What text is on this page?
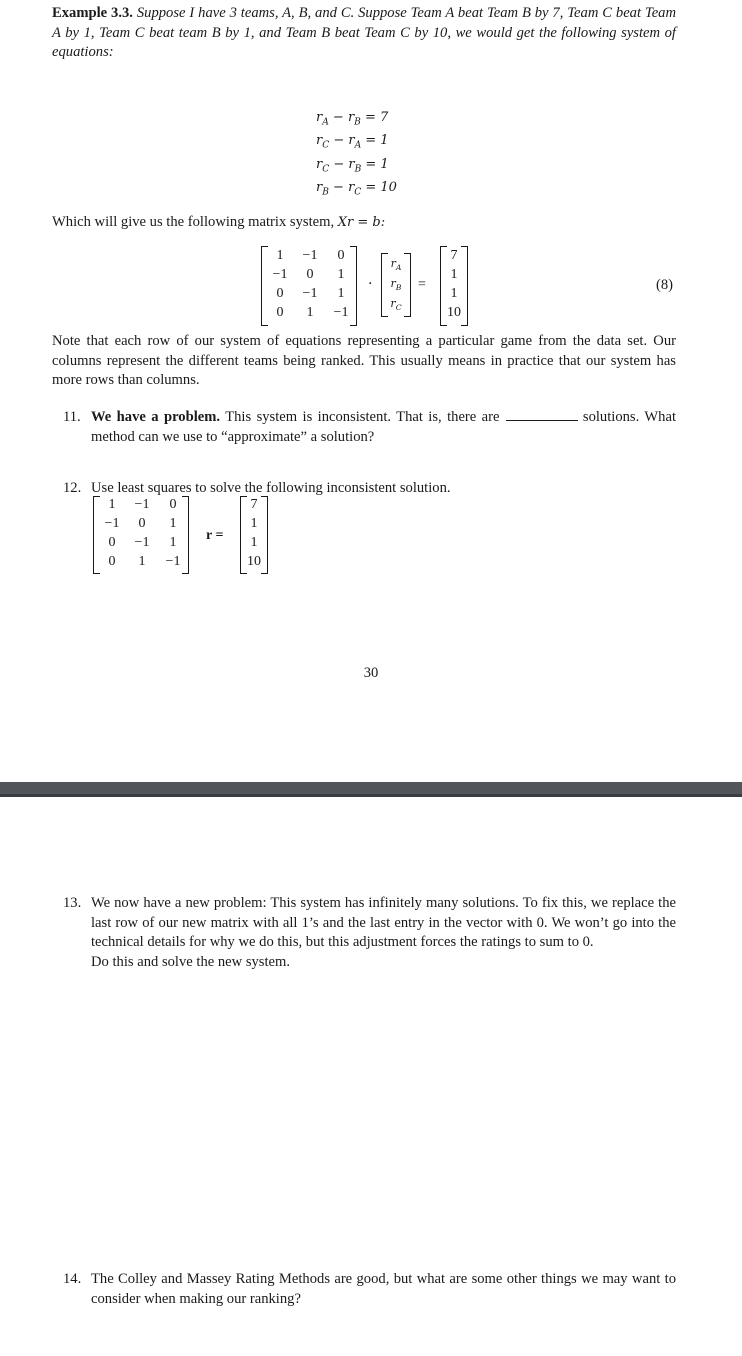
Example 3.3. Suppose I have 3 teams, A, B, and C. Suppose Team A beat Team B by 7, Team C beat Team A by 1, Team C beat team B by 1, and Team B beat Team C by 10, we would get the following system of equations:

$r_A - r_B = 7$
$r_C - r_A = 1$
$r_C - r_B = 1$
$r_B - r_C = 10$

Which will give us the following matrix system, Xr = b:

1	−1	0
−1	0	1
0	−1	1
0	1	−1
·
$r_A$
$r_B$
$r_C$
=
7
1
1
10
(8)

Note that each row of our system of equations representing a particular game from the data set. Our columns represent the different teams being ranked. This usually means in practice that our system has more rows than columns.

11. We have a problem. This system is inconsistent. That is, there are	solutions. What method can we use to “approximate” a solution?
12. Use least squares to solve the following inconsistent solution.
1	−1	0
−1	0	1
0	−1	1
0	1	−1
r =
7
1
1
10
30
13. We now have a new problem: This system has infinitely many solutions. To fix this, we replace the last row of our new matrix with all 1’s and the last entry in the vector with 0. We won’t go into the technical details for why we do this, but this adjustment forces the ratings to sum to 0.
Do this and solve the new system.
14. The Colley and Massey Rating Methods are good, but what are some other things we may want to consider when making our ranking?
